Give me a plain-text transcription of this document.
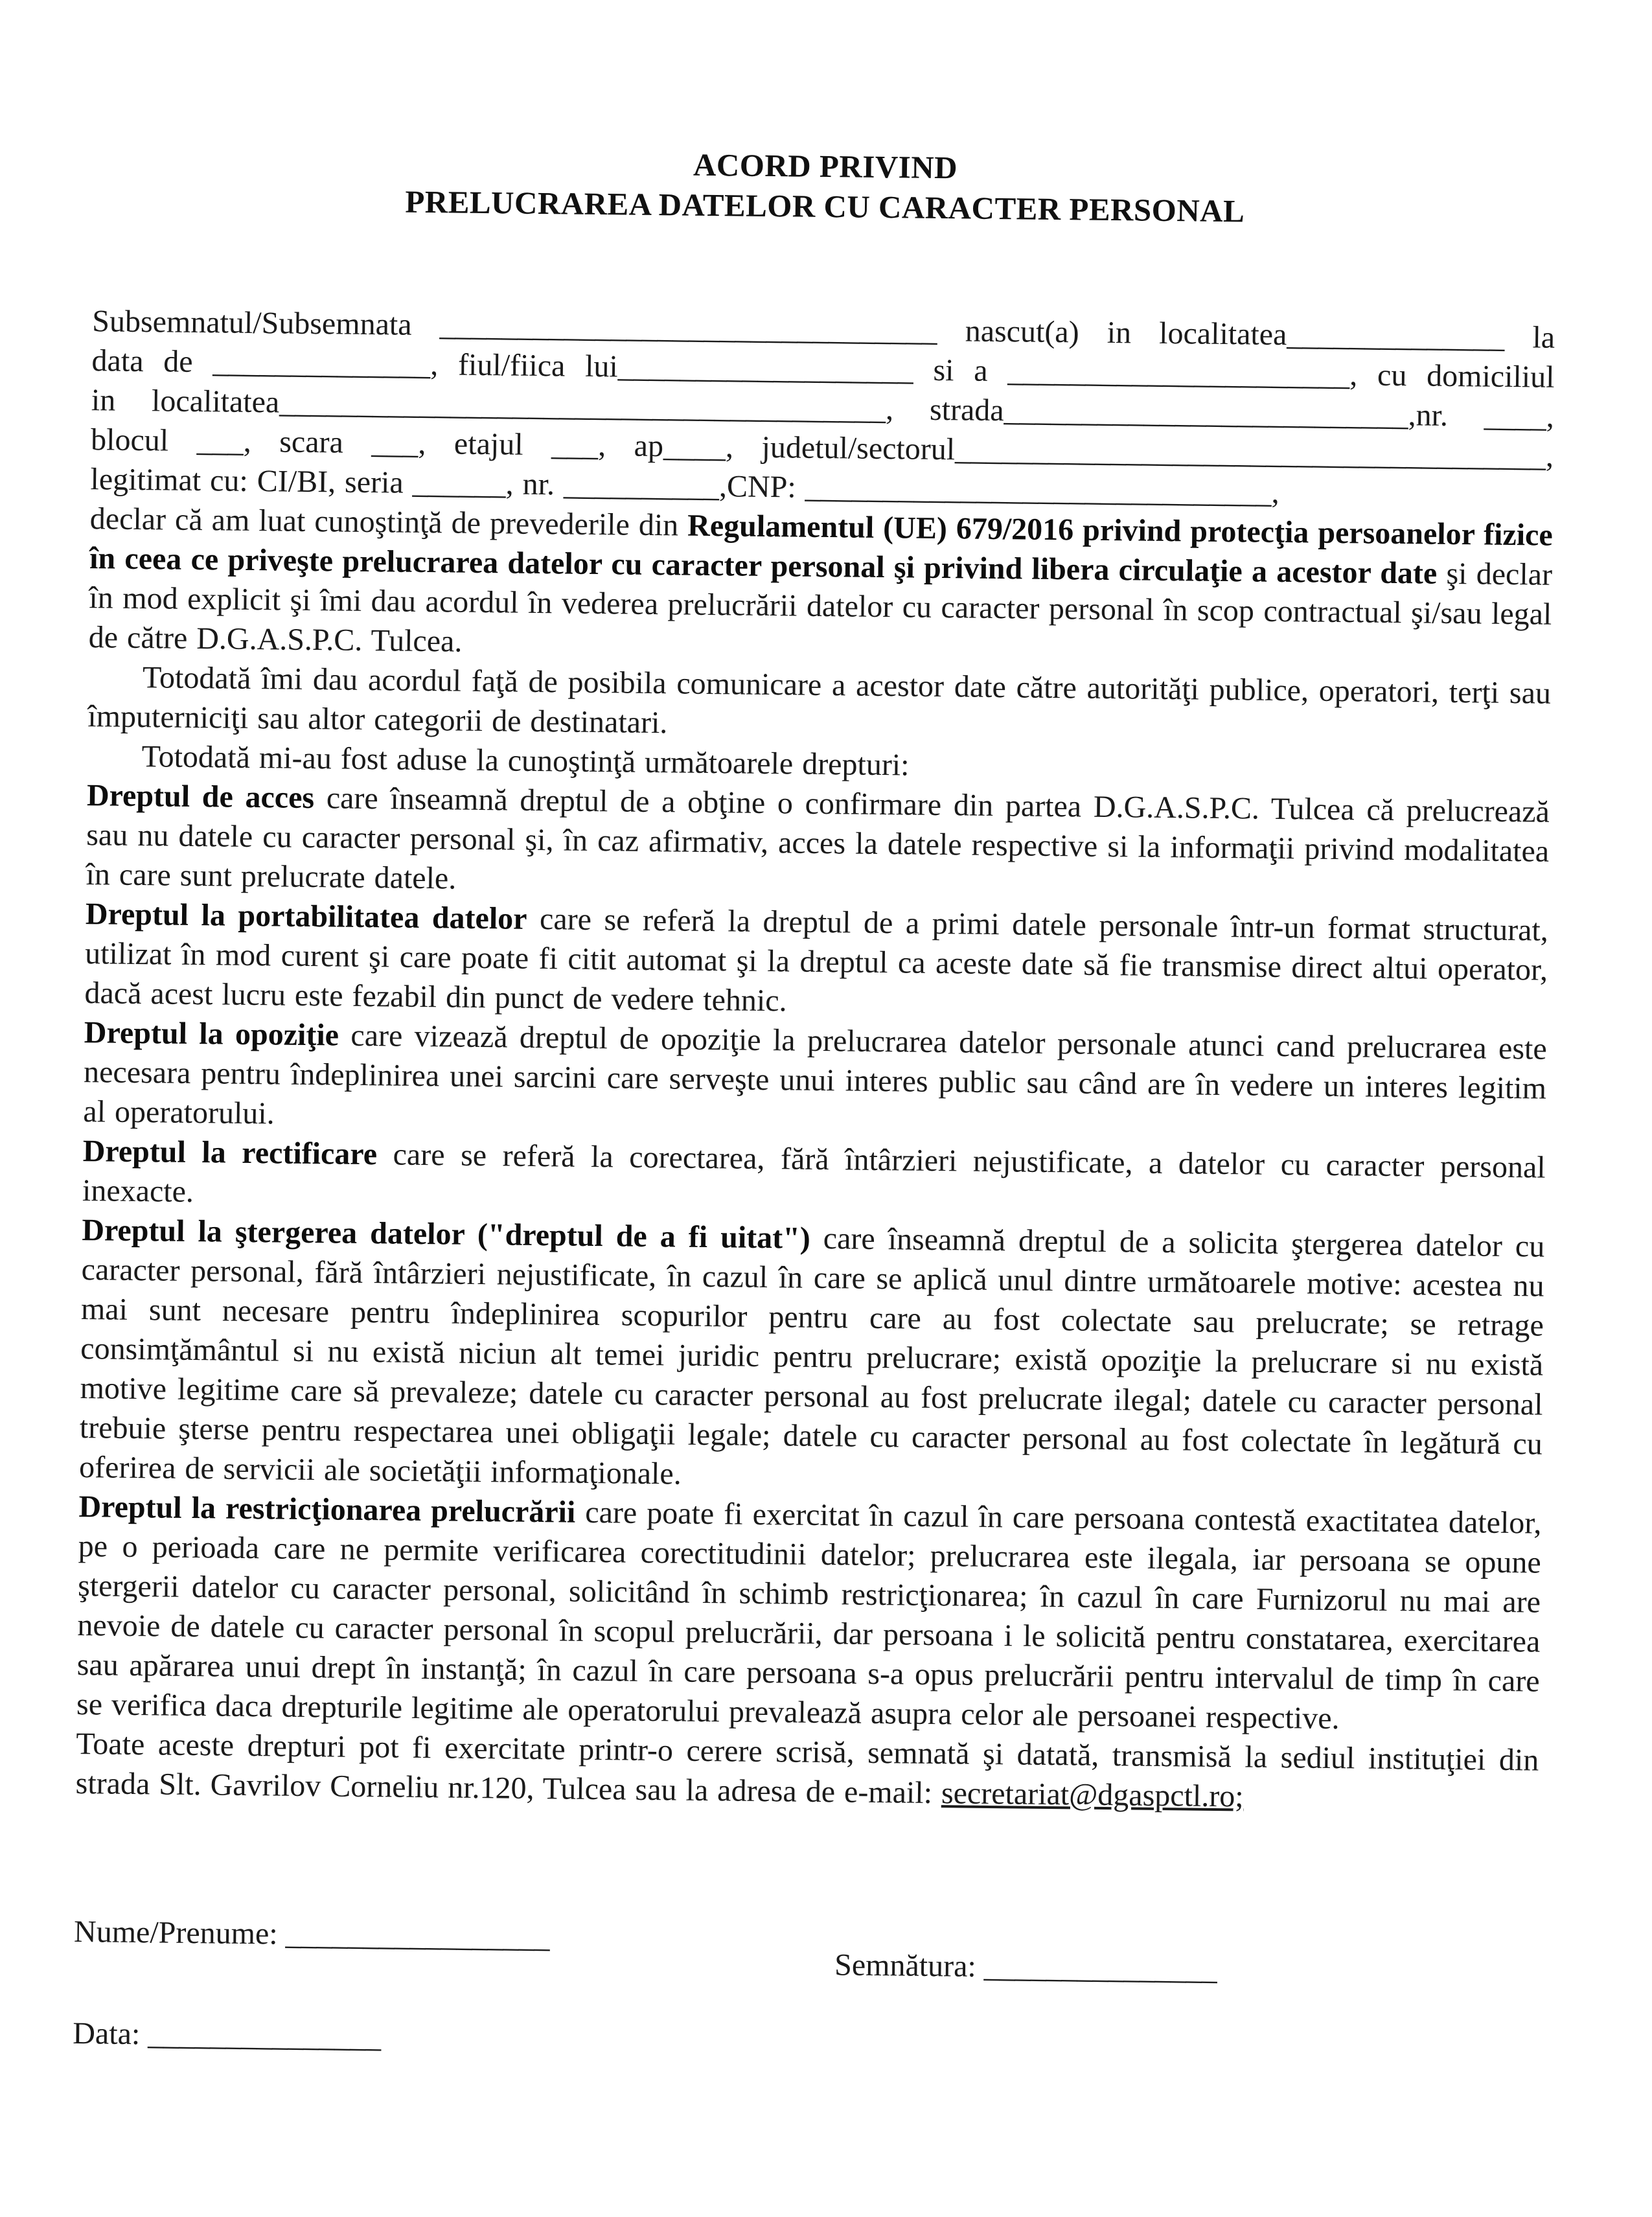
ACORD PRIVIND
PRELUCRAREA DATELOR CU CARACTER PERSONAL
Subsemnatul/Subsemnata ________________________________ nascut(a) in localitatea______________ la
data de ______________, fiul/fiica lui___________________ si a ______________________, cu domiciliul
in localitatea_______________________________________, strada__________________________,nr. ____,
blocul ___, scara ___, etajul ___, ap____, judetul/sectorul______________________________________,
legitimat cu: CI/BI, seria ______, nr. __________,CNP: ______________________________,
declar că am luat cunoştinţă de prevederile din Regulamentul (UE) 679/2016 privind protecţia persoanelor fizice în ceea ce priveşte prelucrarea datelor cu caracter personal şi privind libera circulaţie a acestor date şi declar în mod explicit şi îmi dau acordul în vederea prelucrării datelor cu caracter personal în scop contractual şi/sau legal de către D.G.A.S.P.C. Tulcea.
Totodată îmi dau acordul faţă de posibila comunicare a acestor date către autorităţi publice, operatori, terţi sau împuterniciţi sau altor categorii de destinatari.
Totodată mi-au fost aduse la cunoştinţă următoarele drepturi:
Dreptul de acces care înseamnă dreptul de a obţine o confirmare din partea D.G.A.S.P.C. Tulcea că prelucrează sau nu datele cu caracter personal şi, în caz afirmativ, acces la datele respective si la informaţii privind modalitatea în care sunt prelucrate datele.
Dreptul la portabilitatea datelor care se referă la dreptul de a primi datele personale într-un format structurat, utilizat în mod curent şi care poate fi citit automat şi la dreptul ca aceste date să fie transmise direct altui operator, dacă acest lucru este fezabil din punct de vedere tehnic.
Dreptul la opoziţie care vizează dreptul de opoziţie la prelucrarea datelor personale atunci cand prelucrarea este necesara pentru îndeplinirea unei sarcini care serveşte unui interes public sau când are în vedere un interes legitim al operatorului.
Dreptul la rectificare care se referă la corectarea, fără întârzieri nejustificate, a datelor cu caracter personal inexacte.
Dreptul la ştergerea datelor ("dreptul de a fi uitat") care înseamnă dreptul de a solicita ştergerea datelor cu caracter personal, fără întârzieri nejustificate, în cazul în care se aplică unul dintre următoarele motive: acestea nu mai sunt necesare pentru îndeplinirea scopurilor pentru care au fost colectate sau prelucrate; se retrage consimţământul si nu există niciun alt temei juridic pentru prelucrare; există opoziţie la prelucrare si nu există motive legitime care să prevaleze; datele cu caracter personal au fost prelucrate ilegal; datele cu caracter personal trebuie şterse pentru respectarea unei obligaţii legale; datele cu caracter personal au fost colectate în legătură cu oferirea de servicii ale societăţii informaţionale.
Dreptul la restricţionarea prelucrării care poate fi exercitat în cazul în care persoana contestă exactitatea datelor, pe o perioada care ne permite verificarea corectitudinii datelor; prelucrarea este ilegala, iar persoana se opune ştergerii datelor cu caracter personal, solicitând în schimb restricţionarea; în cazul în care Furnizorul nu mai are nevoie de datele cu caracter personal în scopul prelucrării, dar persoana i le solicită pentru constatarea, exercitarea sau apărarea unui drept în instanţă; în cazul în care persoana s-a opus prelucrării pentru intervalul de timp în care se verifica daca drepturile legitime ale operatorului prevalează asupra celor ale persoanei respective.
Toate aceste drepturi pot fi exercitate printr-o cerere scrisă, semnată şi datată, transmisă la sediul instituţiei din strada Slt. Gavrilov Corneliu nr.120, Tulcea sau la adresa de e-mail: secretariat@dgaspctl.ro;
Nume/Prenume: _________________
Semnătura: _______________
Data: _______________
